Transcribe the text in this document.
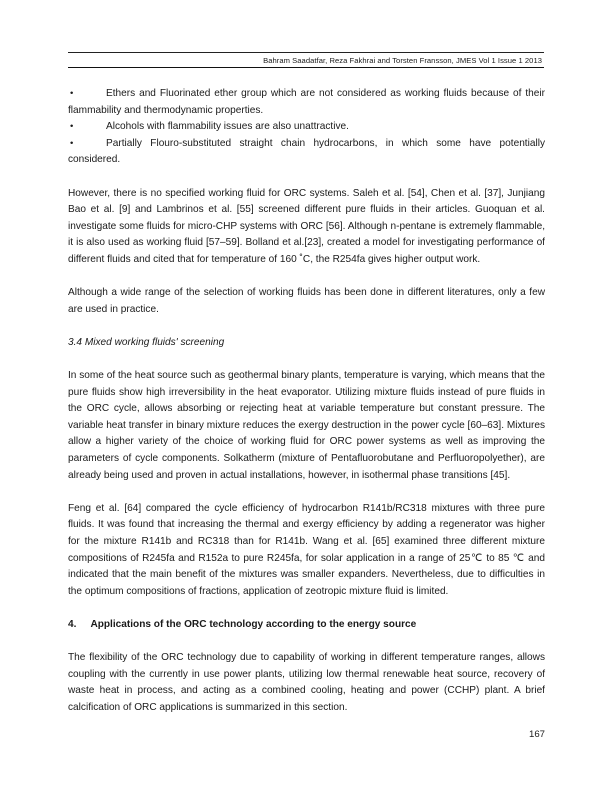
Bahram Saadatfar, Reza Fakhrai and Torsten Fransson, JMES Vol 1 Issue 1 2013
•	Ethers and Fluorinated ether group which are not considered as working fluids because of their flammability and thermodynamic properties.
•	Alcohols with flammability issues are also unattractive.
•	Partially Flouro-substituted straight chain hydrocarbons, in which some have potentially considered.

However, there is no specified working fluid for ORC systems. Saleh et al. [54], Chen et al. [37], Junjiang Bao et al. [9] and Lambrinos et al. [55] screened different pure fluids in their articles. Guoquan et al. investigate some fluids for micro-CHP systems with ORC [56]. Although n-pentane is extremely flammable, it is also used as working fluid [57–59]. Bolland et al.[23], created a model for investigating performance of different fluids and cited that for temperature of 160 ˚C, the R254fa gives higher output work.

Although a wide range of the selection of working fluids has been done in different literatures, only a few are used in practice.

3.4 Mixed working fluids' screening

In some of the heat source such as geothermal binary plants, temperature is varying, which means that the pure fluids show high irreversibility in the heat evaporator. Utilizing mixture fluids instead of pure fluids in the ORC cycle, allows absorbing or rejecting heat at variable temperature but constant pressure. The variable heat transfer in binary mixture reduces the exergy destruction in the power cycle [60–63]. Mixtures allow a higher variety of the choice of working fluid for ORC power systems as well as improving the parameters of cycle components. Solkatherm (mixture of Pentafluorobutane and Perfluoropolyether), are already being used and proven in actual installations, however, in isothermal phase transitions [45].

Feng et al. [64] compared the cycle efficiency of hydrocarbon R141b/RC318 mixtures with three pure fluids. It was found that increasing the thermal and exergy efficiency by adding a regenerator was higher for the mixture R141b and RC318 than for R141b. Wang et al. [65] examined three different mixture compositions of R245fa and R152a to pure R245fa, for solar application in a range of 25℃ to 85 ℃ and indicated that the main benefit of the mixtures was smaller expanders. Nevertheless, due to difficulties in the optimum compositions of fractions, application of zeotropic mixture fluid is limited.

4.	Applications of the ORC technology according to the energy source

The flexibility of the ORC technology due to capability of working in different temperature ranges, allows coupling with the currently in use power plants, utilizing low thermal renewable heat source, recovery of waste heat in process, and acting as a combined cooling, heating and power (CCHP) plant. A brief calcification of ORC applications is summarized in this section.

167
